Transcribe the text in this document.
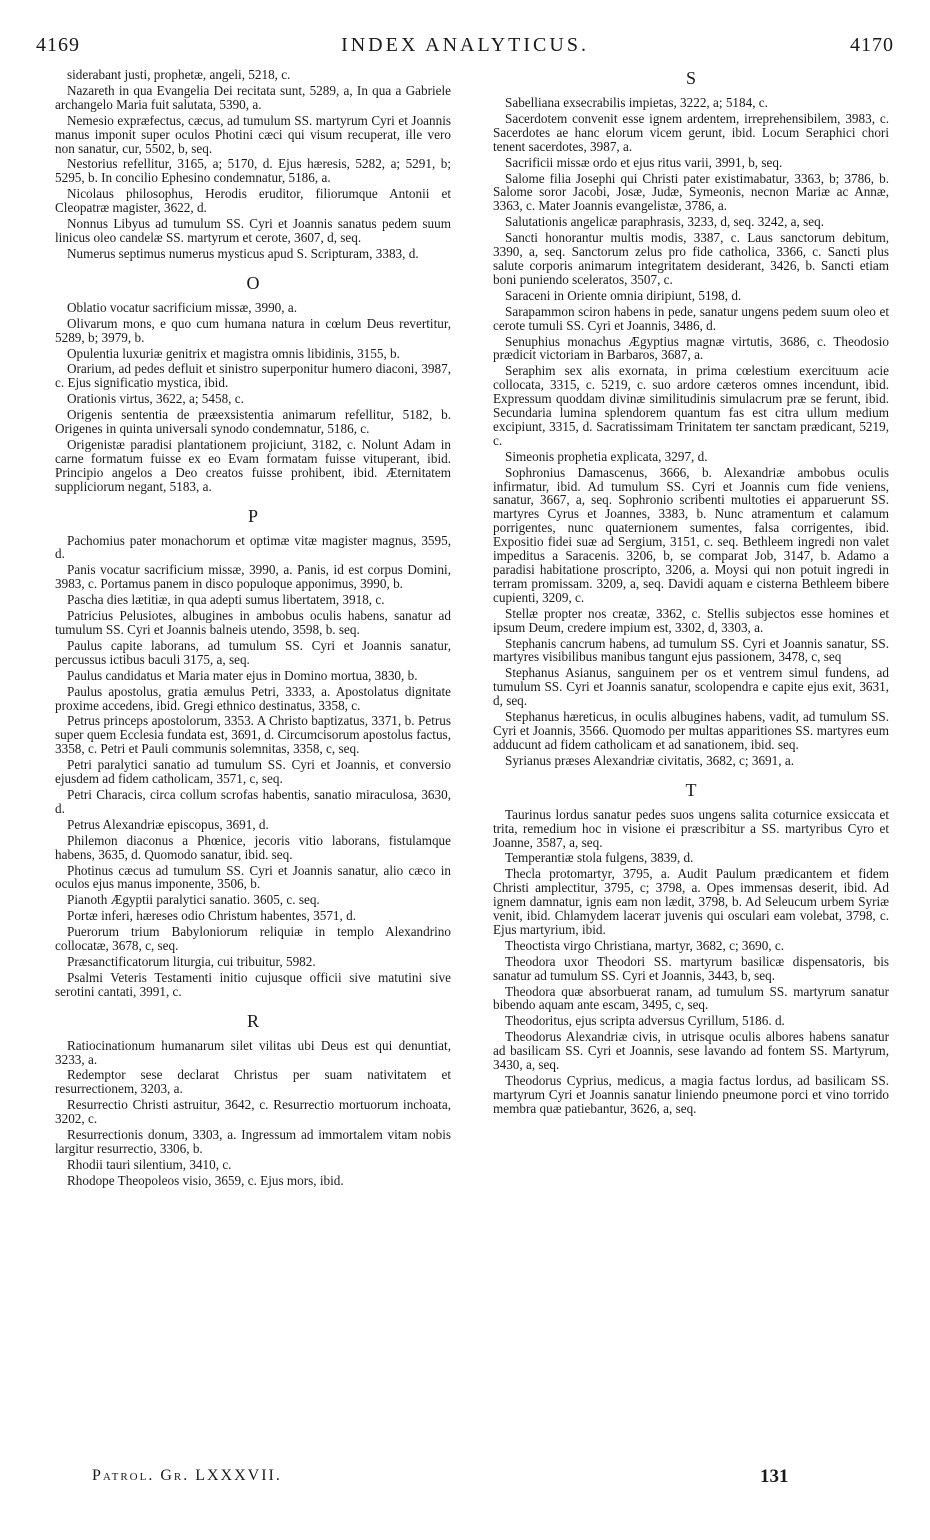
4169	INDEX ANALYTICUS.	4170

siderabant justi, prophetæ, angeli, 5218, c.

Nazareth in qua Evangelia Dei recitata sunt, 5289, a, In qua a Gabriele archangelo Maria fuit salutata, 5390, a.

Nemesio expræfectus, cæcus, ad tumulum SS. martyrum Cyri et Joannis manus imponit super oculos Photini cæci qui visum recuperat, ille vero non sanatur, cur, 5502, b, seq.

Nestorius refellitur, 3165, a; 5170, d. Ejus hæresis, 5282, a; 5291, b; 5295, b. In concilio Ephesino condemnatur, 5186, a.

Nicolaus philosophus, Herodis eruditor, filiorumque Antonii et Cleopatræ magister, 3622, d.

Nonnus Libyus ad tumulum SS. Cyri et Joannis sanatus pedem suum linicus oleo candelæ SS. martyrum et cerote, 3607, d, seq.

Numerus septimus numerus mysticus apud S. Scripturam, 3383, d.

O

Oblatio vocatur sacrificium missæ, 3990, a.

Olivarum mons, e quo cum humana natura in cœlum Deus revertitur, 5289, b; 3979, b.

Opulentia luxuriæ genitrix et magistra omnis libidinis, 3155, b.

Orarium, ad pedes defluit et sinistro superponitur humero diaconi, 3987, c. Ejus significatio mystica, ibid.

Orationis virtus, 3622, a; 5458, c.

Origenis sententia de præexsistentia animarum refellitur, 5182, b. Origenes in quinta universali synodo condemnatur, 5186, c.

Origenistæ paradisi plantationem projiciunt, 3182, c. Nolunt Adam in carne formatum fuisse ex eo Evam formatam fuisse vituperant, ibid. Principio angelos a Deo creatos fuisse prohibent, ibid. Æternitatem suppliciorum negant, 5183, a.

P

Pachomius pater monachorum et optimæ vitæ magister magnus, 3595, d.

Panis vocatur sacrificium missæ, 3990, a. Panis, id est corpus Domini, 3983, c. Portamus panem in disco populoque apponimus, 3990, b.

Pascha dies lætitiæ, in qua adepti sumus libertatem, 3918, c.

Patricius Pelusiotes, albugines in ambobus oculis habens, sanatur ad tumulum SS. Cyri et Joannis balneis utendo, 3598, b. seq.

Paulus capite laborans, ad tumulum SS. Cyri et Joannis sanatur, percussus ictibus baculi 3175, a, seq.

Paulus candidatus et Maria mater ejus in Domino mortua, 3830, b.

Paulus apostolus, gratia æmulus Petri, 3333, a. Apostolatus dignitate proxime accedens, ibid. Gregi ethnico destinatus, 3358, c.

Petrus princeps apostolorum, 3353. A Christo baptizatus, 3371, b. Petrus super quem Ecclesia fundata est, 3691, d. Circumcisorum apostolus factus, 3358, c. Petri et Pauli communis solemnitas, 3358, c, seq.

Petri paralytici sanatio ad tumulum SS. Cyri et Joannis, et conversio ejusdem ad fidem catholicam, 3571, c, seq.

Petri Characis, circa collum scrofas habentis, sanatio miraculosa, 3630, d.

Petrus Alexandriæ episcopus, 3691, d.

Philemon diaconus a Phœnice, jecoris vitio laborans, fistulamque habens, 3635, d. Quomodo sanatur, ibid. seq.

Photinus cæcus ad tumulum SS. Cyri et Joannis sanatur, alio cæco in oculos ejus manus imponente, 3506, b.

Pianoth Ægyptii paralytici sanatio. 3605, c. seq.

Portæ inferi, hæreses odio Christum habentes, 3571, d.

Puerorum trium Babyloniorum reliquiæ in templo Alexandrino collocatæ, 3678, c, seq.

Præsanctificatorum liturgia, cui tribuitur, 5982.

Psalmi Veteris Testamenti initio cujusque officii sive matutini sive serotini cantati, 3991, c.

R

Ratiocinationum humanarum silet vilitas ubi Deus est qui denuntiat, 3233, a.

Redemptor sese declarat Christus per suam nativitatem et resurrectionem, 3203, a.

Resurrectio Christi astruitur, 3642, c. Resurrectio mortuorum inchoata, 3202, c.

Resurrectionis donum, 3303, a. Ingressum ad immortalem vitam nobis largitur resurrectio, 3306, b.

Rhodii tauri silentium, 3410, c.

Rhodope Theopoleos visio, 3659, c. Ejus mors, ibid.

S

Sabelliana exsecrabilis impietas, 3222, a; 5184, c.

Sacerdotem convenit esse ignem ardentem, irreprehensibilem, 3983, c. Sacerdotes ae hanc elorum vicem gerunt, ibid. Locum Seraphici chori tenent sacerdotes, 3987, a.

Sacrificii missæ ordo et ejus ritus varii, 3991, b, seq.

Salome filia Josephi qui Christi pater existimabatur, 3363, b; 3786, b. Salome soror Jacobi, Josæ, Judæ, Symeonis, necnon Mariæ ac Annæ, 3363, c. Mater Joannis evangelistæ, 3786, a.

Salutationis angelicæ paraphrasis, 3233, d, seq. 3242, a, seq.

Sancti honorantur multis modis, 3387, c. Laus sanctorum debitum, 3390, a, seq. Sanctorum zelus pro fide catholica, 3366, c. Sancti plus salute corporis animarum integritatem desiderant, 3426, b. Sancti etiam boni puniendo sceleratos, 3507, c.

Saraceni in Oriente omnia diripiunt, 5198, d.

Sarapammon sciron habens in pede, sanatur ungens pedem suum oleo et cerote tumuli SS. Cyri et Joannis, 3486, d.

Senuphius monachus Ægyptius magnæ virtutis, 3686, c. Theodosio prædicit victoriam in Barbaros, 3687, a.

Seraphim sex alis exornata, in prima cœlestium exercituum acie collocata, 3315, c. 5219, c. suo ardore cæteros omnes incendunt, ibid. Expressum quoddam divinæ similitudinis simulacrum præ se ferunt, ibid. Secundaria lumina splendorem quantum fas est citra ullum medium excipiunt, 3315, d. Sacratissimam Trinitatem ter sanctam prædicant, 5219, c.

Simeonis prophetia explicata, 3297, d.

Sophronius Damascenus, 3666, b. Alexandriæ ambobus oculis infirmatur, ibid. Ad tumulum SS. Cyri et Joannis cum fide veniens, sanatur, 3667, a, seq. Sophronio scribenti multoties ei apparuerunt SS. martyres Cyrus et Joannes, 3383, b. Nunc atramentum et calamum porrigentes, nunc quaternionem sumentes, falsa corrigentes, ibid. Expositio fidei suæ ad Sergium, 3151, c. seq. Bethleem ingredi non valet impeditus a Saracenis. 3206, b, se comparat Job, 3147, b. Adamo a paradisi habitatione proscripto, 3206, a. Moysi qui non potuit ingredi in terram promissam. 3209, a, seq. Davidi aquam e cisterna Bethleem bibere cupienti, 3209, c.

Stellæ propter nos creatæ, 3362, c. Stellis subjectos esse homines et ipsum Deum, credere impium est, 3302, d, 3303, a.

Stephanis cancrum habens, ad tumulum SS. Cyri et Joannis sanatur, SS. martyres visibilibus manibus tangunt ejus passionem, 3478, c, seq

Stephanus Asianus, sanguinem per os et ventrem simul fundens, ad tumulum SS. Cyri et Joannis sanatur, scolopendra e capite ejus exit, 3631, d, seq.

Stephanus hæreticus, in oculis albugines habens, vadit, ad tumulum SS. Cyri et Joannis, 3566. Quomodo per multas apparitiones SS. martyres eum adducunt ad fidem catholicam et ad sanationem, ibid. seq.

Syrianus præses Alexandriæ civitatis, 3682, c; 3691, a.

T

Taurinus lordus sanatur pedes suos ungens salita coturnice exsiccata et trita, remedium hoc in visione ei præscribitur a SS. martyribus Cyro et Joanne, 3587, a, seq.

Temperantiæ stola fulgens, 3839, d.

Thecla protomartyr, 3795, a. Audit Paulum prædicantem et fidem Christi amplectitur, 3795, c; 3798, a. Opes immensas deserit, ibid. Ad ignem damnatur, ignis eam non lædit, 3798, b. Ad Seleucum urbem Syriæ venit, ibid. Chlamydem laceraт juvenis qui osculari eam volebat, 3798, c. Ejus martyrium, ibid.

Theoctista virgo Christiana, martyr, 3682, c; 3690, c.

Theodora uxor Theodori SS. martyrum basilicæ dispensatoris, bis sanatur ad tumulum SS. Cyri et Joannis, 3443, b, seq.

Theodora quæ absorbuerat ranam, ad tumulum SS. martyrum sanatur bibendo aquam ante escam, 3495, c, seq.

Theodoritus, ejus scripta adversus Cyrillum, 5186. d.

Theodorus Alexandriæ civis, in utrisque oculis albores habens sanatur ad basilicam SS. Cyri et Joannis, sese lavando ad fontem SS. Martyrum, 3430, a, seq.

Theodorus Cyprius, medicus, a magia factus lordus, ad basilicam SS. martyrum Cyri et Joannis sanatur liniendo pneumone porci et vino torrido membra quæ patiebantur, 3626, a, seq.

Patrol. Gr. LXXXVII.	131
